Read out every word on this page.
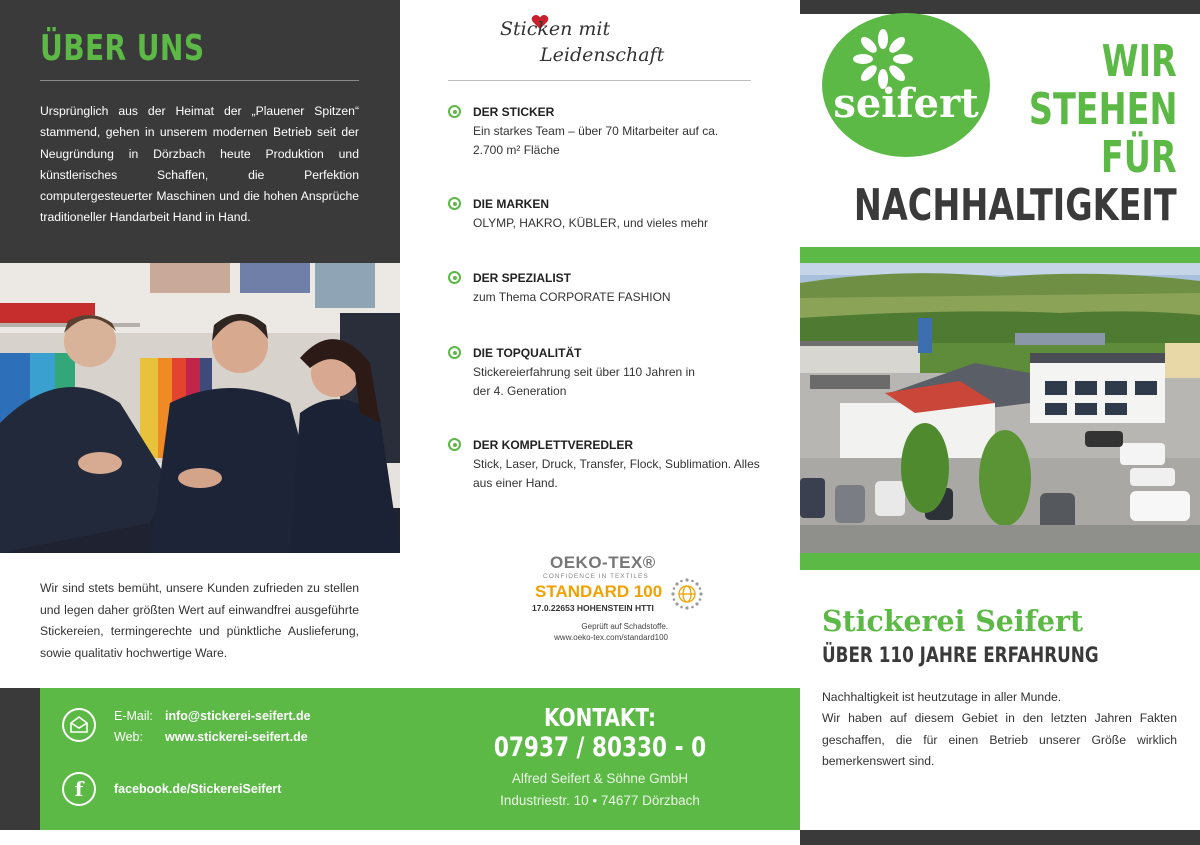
ÜBER UNS
Ursprünglich aus der Heimat der „Plauener Spitzen“ stammend, gehen in unserem modernen Betrieb seit der Neugründung in Dörzbach heute Produktion und künstlerisches Schaffen, die Perfektion computergesteuerter Maschinen und die hohen Ansprüche traditioneller Handarbeit Hand in Hand.
Wir sind stets bemüht, unsere Kunden zufrieden zu stellen und legen daher größten Wert auf einwandfrei ausgeführte Stickereien, termingerechte und pünktliche Auslieferung, sowie qualitativ hochwertige Ware.
f
E-Mail: info@stickerei-seifert.de
Web: www.stickerei-seifert.de
facebook.de/StickereiSeifert
KONTAKT:
07937 / 80330 - 0
Alfred Seifert & Söhne GmbH
Industriestr. 10 • 74677 Dörzbach
Sticken mit
Leidenschaft
DER STICKER
Ein starkes Team – über 70 Mitarbeiter auf ca. 2.700 m² Fläche
DIE MARKEN
OLYMP, HAKRO, KÜBLER, und vieles mehr
DER SPEZIALIST
zum Thema CORPORATE FASHION
DIE TOPQUALITÄT
Stickereierfahrung seit über 110 Jahren in der 4. Generation
DER KOMPLETTVEREDLER
Stick, Laser, Druck, Transfer, Flock, Sublimation. Alles aus einer Hand.
OEKO-TEX®
CONFIDENCE IN TEXTILES
STANDARD 100
17.0.22653 HOHENSTEIN HTTI
Geprüft auf Schadstoffe.
www.oeko-tex.com/standard100
seifert
WIR
STEHEN
FÜR
NACHHALTIGKEIT
Stickerei Seifert
ÜBER 110 JAHRE ERFAHRUNG
Nachhaltigkeit ist heutzutage in aller Munde.
Wir haben auf diesem Gebiet in den letzten Jahren Fakten geschaffen, die für einen Betrieb unserer Größe wirklich bemerkenswert sind.
